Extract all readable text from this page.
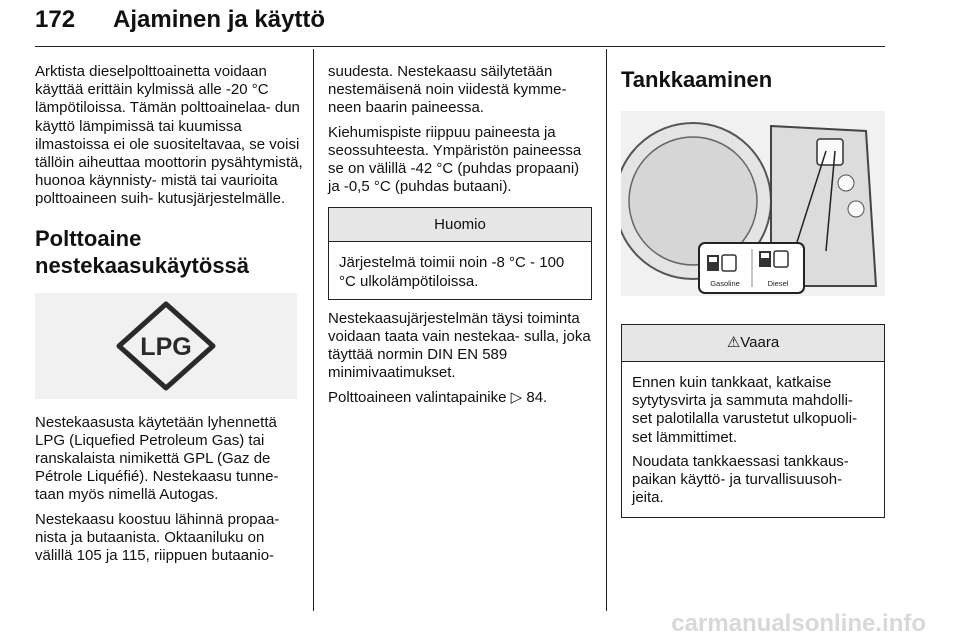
172 Ajaminen ja käyttö

Arktista dieselpolttoainetta voidaan käyttää erittäin kylmissä alle -20 °C lämpötiloissa. Tämän polttoainelaa- dun käyttö lämpimissä tai kuumissa ilmastoissa ei ole suositeltavaa, se voisi tällöin aiheuttaa moottorin pysähtymistä, huonoa käynnisty- mistä tai vaurioita polttoaineen suih- kutusjärjestelmälle.

Polttoaine
nestekaasukäytössä
LPG

Nestekaasusta käytetään lyhennettä LPG (Liquefied Petroleum Gas) tai ranskalaista nimikettä GPL (Gaz de Pétrole Liquéfié). Nestekaasu tunne- taan myös nimellä Autogas.

Nestekaasu koostuu lähinnä propaa- nista ja butaanista. Oktaaniluku on välillä 105 ja 115, riippuen butaanio-

suudesta. Nestekaasu säilytetään nestemäisenä noin viidestä kymme- neen baarin paineessa.

Kiehumispiste riippuu paineesta ja seossuhteesta. Ympäristön paineessa se on välillä -42 °C (puhdas propaani) ja -0,5 °C (puhdas butaani).

Huomio

Järjestelmä toimii noin -8 °C - 100 °C ulkolämpötiloissa.

Nestekaasujärjestelmän täysi toiminta voidaan taata vain nestekaa- sulla, joka täyttää normin DIN EN 589 minimivaatimukset.

Polttoaineen valintapainike ▷ 84.

Tankkaaminen
Gasoline	Diesel
⚠Vaara

Ennen kuin tankkaat, katkaise sytytysvirta ja sammuta mahdolli- set palotilalla varustetut ulkopuoli- set lämmittimet.

Noudata tankkaessasi tankkaus- paikan käyttö- ja turvallisuusoh- jeita.

carmanualsonline.info
